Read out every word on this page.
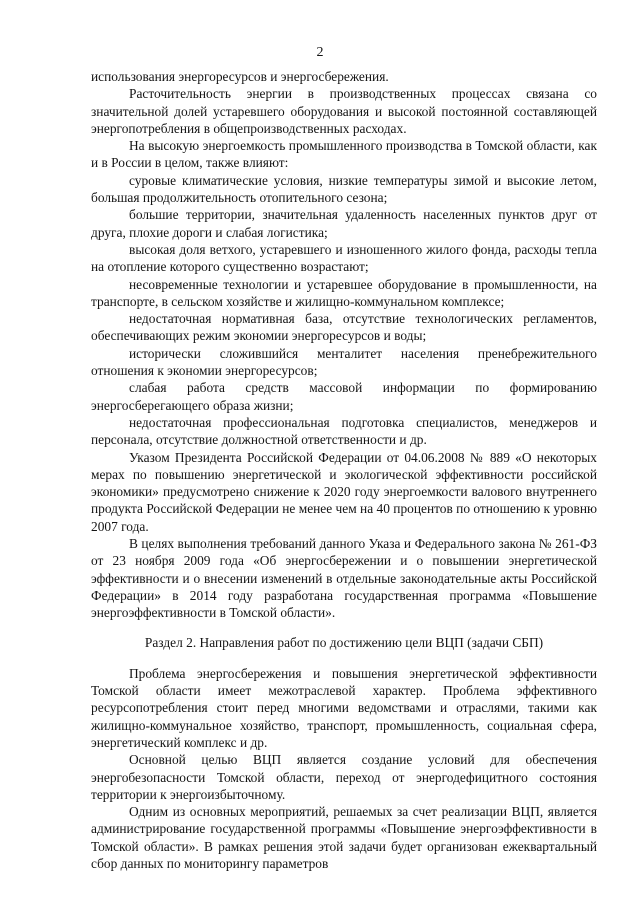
2

использования энергоресурсов и энергосбережения.

Расточительность энергии в производственных процессах связана со значительной долей устаревшего оборудования и высокой постоянной составляющей энергопотребления в общепроизводственных расходах.

На высокую энергоемкость промышленного производства в Томской области, как и в России в целом, также влияют:

суровые климатические условия, низкие температуры зимой и высокие летом, большая продолжительность отопительного сезона;

большие территории, значительная удаленность населенных пунктов друг от друга, плохие дороги и слабая логистика;

высокая доля ветхого, устаревшего и изношенного жилого фонда, расходы тепла на отопление которого существенно возрастают;

несовременные технологии и устаревшее оборудование в промышленности, на транспорте, в сельском хозяйстве и жилищно-коммунальном комплексе;

недостаточная нормативная база, отсутствие технологических регламентов, обеспечивающих режим экономии энергоресурсов и воды;

исторически сложившийся менталитет населения пренебрежительного отношения к экономии энергоресурсов;

слабая работа средств массовой информации по формированию энергосберегающего образа жизни;

недостаточная профессиональная подготовка специалистов, менеджеров и персонала, отсутствие должностной ответственности и др.

Указом Президента Российской Федерации от 04.06.2008 № 889 «О некоторых мерах по повышению энергетической и экологической эффективности российской экономики» предусмотрено снижение к 2020 году энергоемкости валового внутреннего продукта Российской Федерации не менее чем на 40 процентов по отношению к уровню 2007 года.

В целях выполнения требований данного Указа и Федерального закона № 261-ФЗ от 23 ноября 2009 года «Об энергосбережении и о повышении энергетической эффективности и о внесении изменений в отдельные законодательные акты Российской Федерации» в 2014 году разработана государственная программа «Повышение энергоэффективности в Томской области».

Раздел 2. Направления работ по достижению цели ВЦП (задачи СБП)

Проблема энергосбережения и повышения энергетической эффективности Томской области имеет межотраслевой характер. Проблема эффективного ресурсопотребления стоит перед многими ведомствами и отраслями, такими как жилищно-коммунальное хозяйство, транспорт, промышленность, социальная сфера, энергетический комплекс и др.

Основной целью ВЦП является создание условий для обеспечения энергобезопасности Томской области, переход от энергодефицитного состояния территории к энергоизбыточному.

Одним из основных мероприятий, решаемых за счет реализации ВЦП, является администрирование государственной программы «Повышение энергоэффективности в Томской области». В рамках решения этой задачи будет организован ежеквартальный сбор данных по мониторингу параметров
